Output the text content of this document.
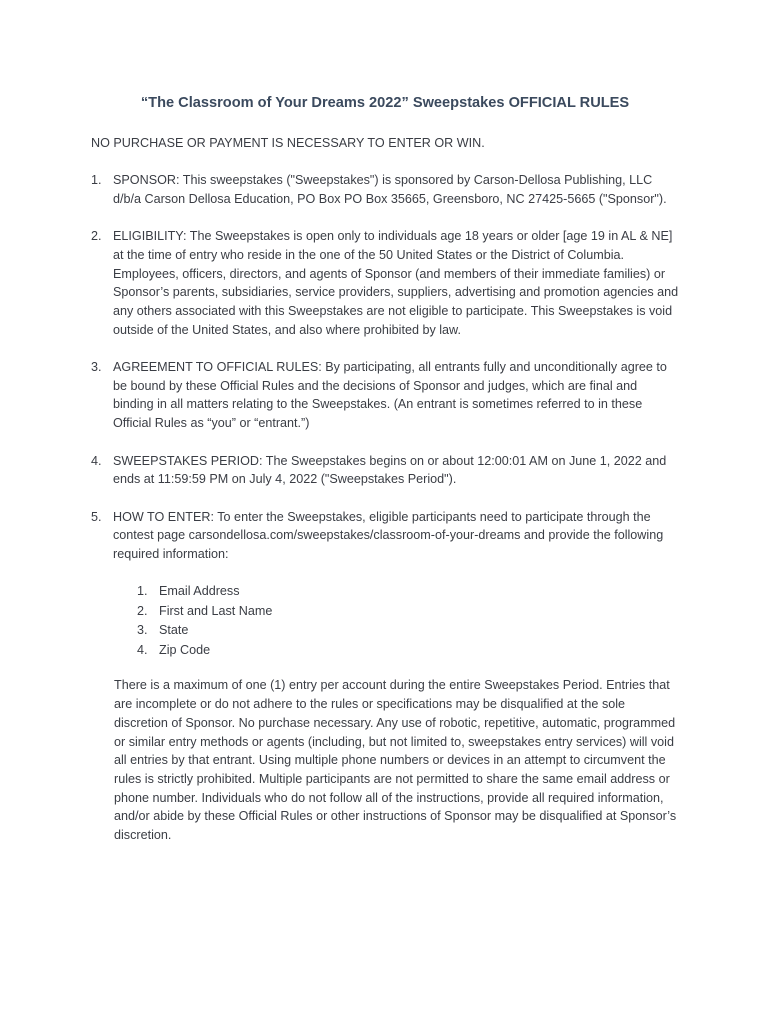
“The Classroom of Your Dreams 2022” Sweepstakes OFFICIAL RULES
NO PURCHASE OR PAYMENT IS NECESSARY TO ENTER OR WIN.
1. SPONSOR: This sweepstakes ("Sweepstakes") is sponsored by Carson-Dellosa Publishing, LLC d/b/a Carson Dellosa Education, PO Box PO Box 35665, Greensboro, NC 27425-5665 ("Sponsor").
2. ELIGIBILITY: The Sweepstakes is open only to individuals age 18 years or older [age 19 in AL & NE] at the time of entry who reside in the one of the 50 United States or the District of Columbia. Employees, officers, directors, and agents of Sponsor (and members of their immediate families) or Sponsor’s parents, subsidiaries, service providers, suppliers, advertising and promotion agencies and any others associated with this Sweepstakes are not eligible to participate. This Sweepstakes is void outside of the United States, and also where prohibited by law.
3. AGREEMENT TO OFFICIAL RULES: By participating, all entrants fully and unconditionally agree to be bound by these Official Rules and the decisions of Sponsor and judges, which are final and binding in all matters relating to the Sweepstakes. (An entrant is sometimes referred to in these Official Rules as “you” or “entrant.”)
4. SWEEPSTAKES PERIOD: The Sweepstakes begins on or about 12:00:01 AM on June 1, 2022 and ends at 11:59:59 PM on July 4, 2022 ("Sweepstakes Period").
5. HOW TO ENTER: To enter the Sweepstakes, eligible participants need to participate through the contest page carsondellosa.com/sweepstakes/classroom-of-your-dreams and provide the following required information:
1. Email Address
2. First and Last Name
3. State
4. Zip Code
There is a maximum of one (1) entry per account during the entire Sweepstakes Period. Entries that are incomplete or do not adhere to the rules or specifications may be disqualified at the sole discretion of Sponsor. No purchase necessary. Any use of robotic, repetitive, automatic, programmed or similar entry methods or agents (including, but not limited to, sweepstakes entry services) will void all entries by that entrant. Using multiple phone numbers or devices in an attempt to circumvent the rules is strictly prohibited. Multiple participants are not permitted to share the same email address or phone number. Individuals who do not follow all of the instructions, provide all required information, and/or abide by these Official Rules or other instructions of Sponsor may be disqualified at Sponsor’s discretion.
